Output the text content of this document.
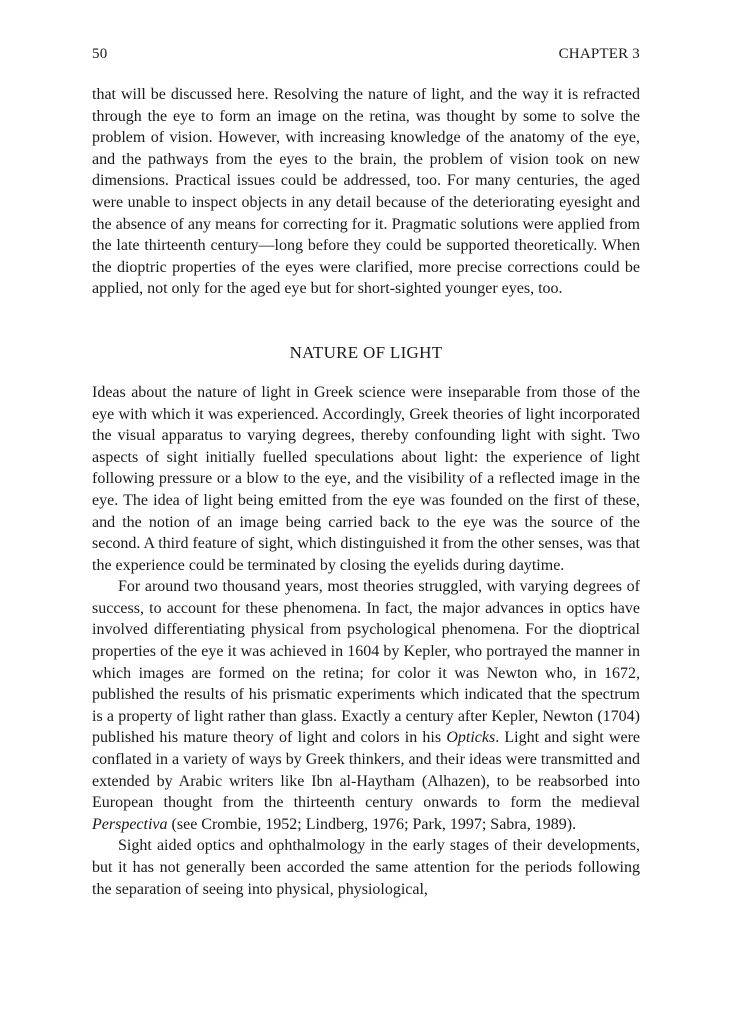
50	CHAPTER 3

that will be discussed here. Resolving the nature of light, and the way it is refracted through the eye to form an image on the retina, was thought by some to solve the problem of vision. However, with increasing knowledge of the anatomy of the eye, and the pathways from the eyes to the brain, the problem of vision took on new dimensions. Practical issues could be addressed, too. For many centuries, the aged were unable to inspect objects in any detail because of the deteriorating eyesight and the absence of any means for correcting for it. Pragmatic solutions were applied from the late thirteenth century—long before they could be supported theoretically. When the dioptric properties of the eyes were clarified, more precise corrections could be applied, not only for the aged eye but for short-sighted younger eyes, too.

NATURE OF LIGHT

Ideas about the nature of light in Greek science were inseparable from those of the eye with which it was experienced. Accordingly, Greek theories of light incorporated the visual apparatus to varying degrees, thereby confounding light with sight. Two aspects of sight initially fuelled speculations about light: the experience of light following pressure or a blow to the eye, and the visibility of a reflected image in the eye. The idea of light being emitted from the eye was founded on the first of these, and the notion of an image being carried back to the eye was the source of the second. A third feature of sight, which distinguished it from the other senses, was that the experience could be terminated by closing the eyelids during daytime.

For around two thousand years, most theories struggled, with varying degrees of success, to account for these phenomena. In fact, the major advances in optics have involved differentiating physical from psychological phenomena. For the dioptrical properties of the eye it was achieved in 1604 by Kepler, who portrayed the manner in which images are formed on the retina; for color it was Newton who, in 1672, published the results of his prismatic experiments which indicated that the spectrum is a property of light rather than glass. Exactly a century after Kepler, Newton (1704) published his mature theory of light and colors in his Opticks. Light and sight were conflated in a variety of ways by Greek thinkers, and their ideas were transmitted and extended by Arabic writers like Ibn al-Haytham (Alhazen), to be reabsorbed into European thought from the thirteenth century onwards to form the medieval Perspectiva (see Crombie, 1952; Lindberg, 1976; Park, 1997; Sabra, 1989).

Sight aided optics and ophthalmology in the early stages of their developments, but it has not generally been accorded the same attention for the periods following the separation of seeing into physical, physiological,
